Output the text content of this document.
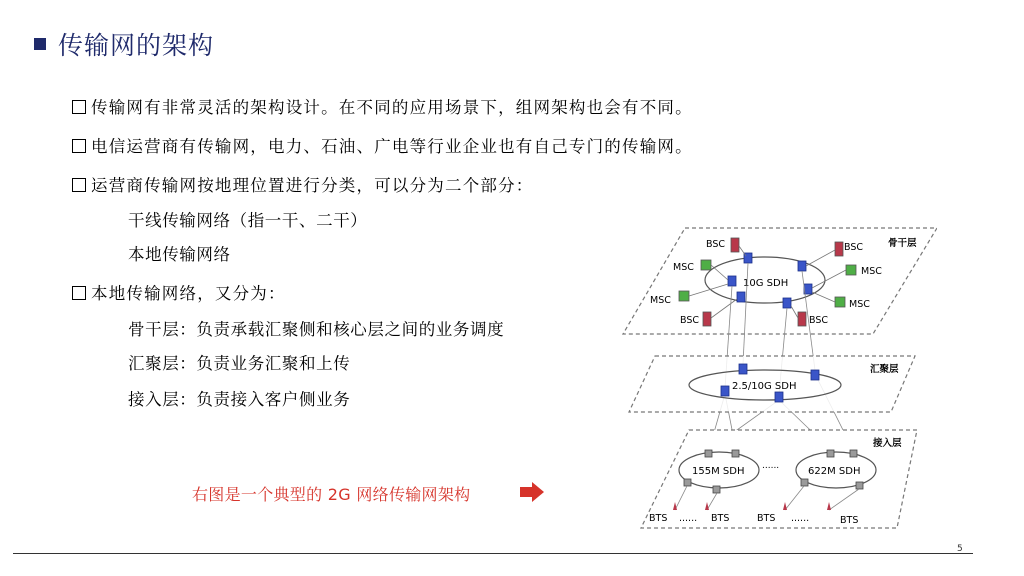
传输网的架构
传输网有非常灵活的架构设计。在不同的应用场景下，组网架构也会有不同。
电信运营商有传输网，电力、石油、广电等行业企业也有自己专门的传输网。
运营商传输网按地理位置进行分类，可以分为二个部分：
干线传输网络（指一干、二干）
本地传输网络
本地传输网络，又分为：
骨干层：负责承载汇聚侧和核心层之间的业务调度
汇聚层：负责业务汇聚和上传
接入层：负责接入客户侧业务
右图是一个典型的 2G 网络传输网架构
骨干层
10G SDH
BSC	BSC
BSC	BSC
MSC	MSC
MSC	MSC
汇聚层
2.5/10G SDH
接入层
155M SDH	622M SDH
......
BTS	BTS	BTS	BTS
......	......
5
